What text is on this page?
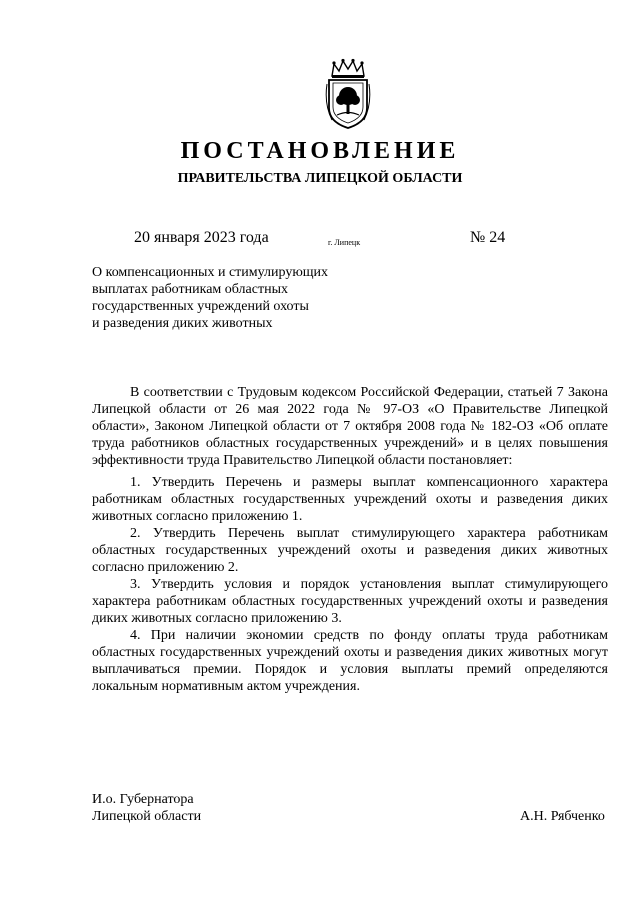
ПОСТАНОВЛЕНИЕ
ПРАВИТЕЛЬСТВА ЛИПЕЦКОЙ ОБЛАСТИ
20 января 2023 года	г. Липецк	№ 24
О компенсационных и стимулирующих
выплатах работникам областных
государственных учреждений охоты
и разведения диких животных

В соответствии с Трудовым кодексом Российской Федерации, статьей 7 Закона Липецкой области от 26 мая 2022 года № 97-ОЗ «О Правительстве Липецкой области», Законом Липецкой области от 7 октября 2008 года № 182-ОЗ «Об оплате труда работников областных государственных учреждений» и в целях повышения эффективности труда Правительство Липецкой области постановляет:

1. Утвердить Перечень и размеры выплат компенсационного характера работникам областных государственных учреждений охоты и разведения диких животных согласно приложению 1.

2. Утвердить Перечень выплат стимулирующего характера работникам областных государственных учреждений охоты и разведения диких животных согласно приложению 2.

3. Утвердить условия и порядок установления выплат стимулирующего характера работникам областных государственных учреждений охоты и разведения диких животных согласно приложению 3.

4. При наличии экономии средств по фонду оплаты труда работникам областных государственных учреждений охоты и разведения диких животных могут выплачиваться премии. Порядок и условия выплаты премий определяются локальным нормативным актом учреждения.

И.о. Губернатора
Липецкой области	А.Н. Рябченко
